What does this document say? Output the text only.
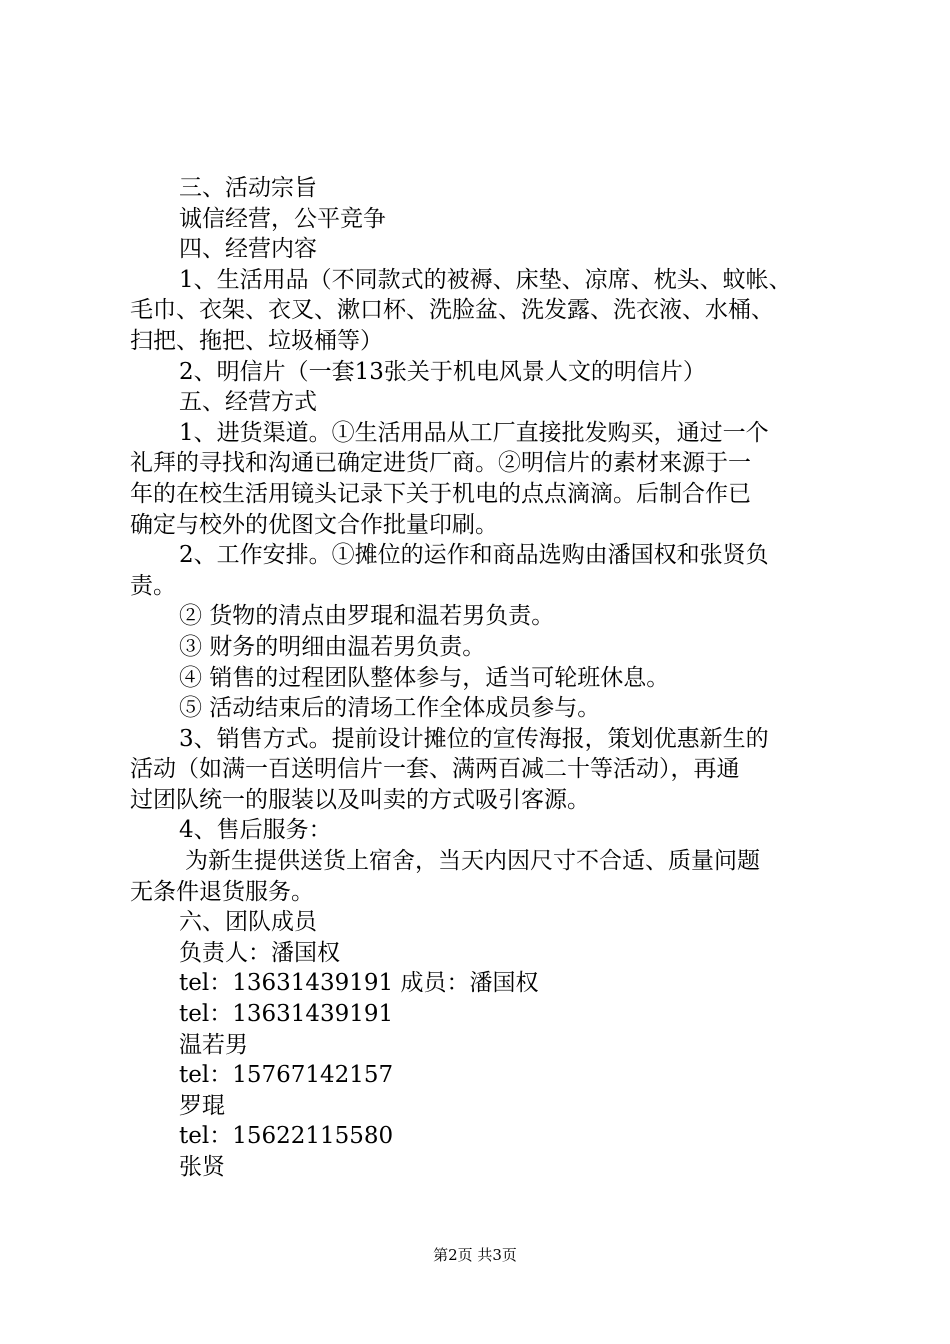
三、活动宗旨
诚信经营，公平竞争
四、经营内容
1、生活用品（不同款式的被褥、床垫、凉席、枕头、蚊帐、
毛巾、衣架、衣叉、漱口杯、洗脸盆、洗发露、洗衣液、水桶、
扫把、拖把、垃圾桶等）
2、明信片（一套13张关于机电风景人文的明信片）
五、经营方式
1、进货渠道。①生活用品从工厂直接批发购买，通过一个
礼拜的寻找和沟通已确定进货厂商。②明信片的素材来源于一
年的在校生活用镜头记录下关于机电的点点滴滴。后制合作已
确定与校外的优图文合作批量印刷。
2、工作安排。①摊位的运作和商品选购由潘国权和张贤负
责。
② 货物的清点由罗琨和温若男负责。
③ 财务的明细由温若男负责。
④ 销售的过程团队整体参与，适当可轮班休息。
⑤ 活动结束后的清场工作全体成员参与。
3、销售方式。提前设计摊位的宣传海报，策划优惠新生的
活动（如满一百送明信片一套、满两百减二十等活动），再通
过团队统一的服装以及叫卖的方式吸引客源。
4、售后服务：
为新生提供送货上宿舍，当天内因尺寸不合适、质量问题
无条件退货服务。
六、团队成员
负责人：潘国权
tel：13631439191 成员：潘国权
tel：13631439191
温若男
tel：15767142157
罗琨
tel：15622115580
张贤
第2页 共3页
